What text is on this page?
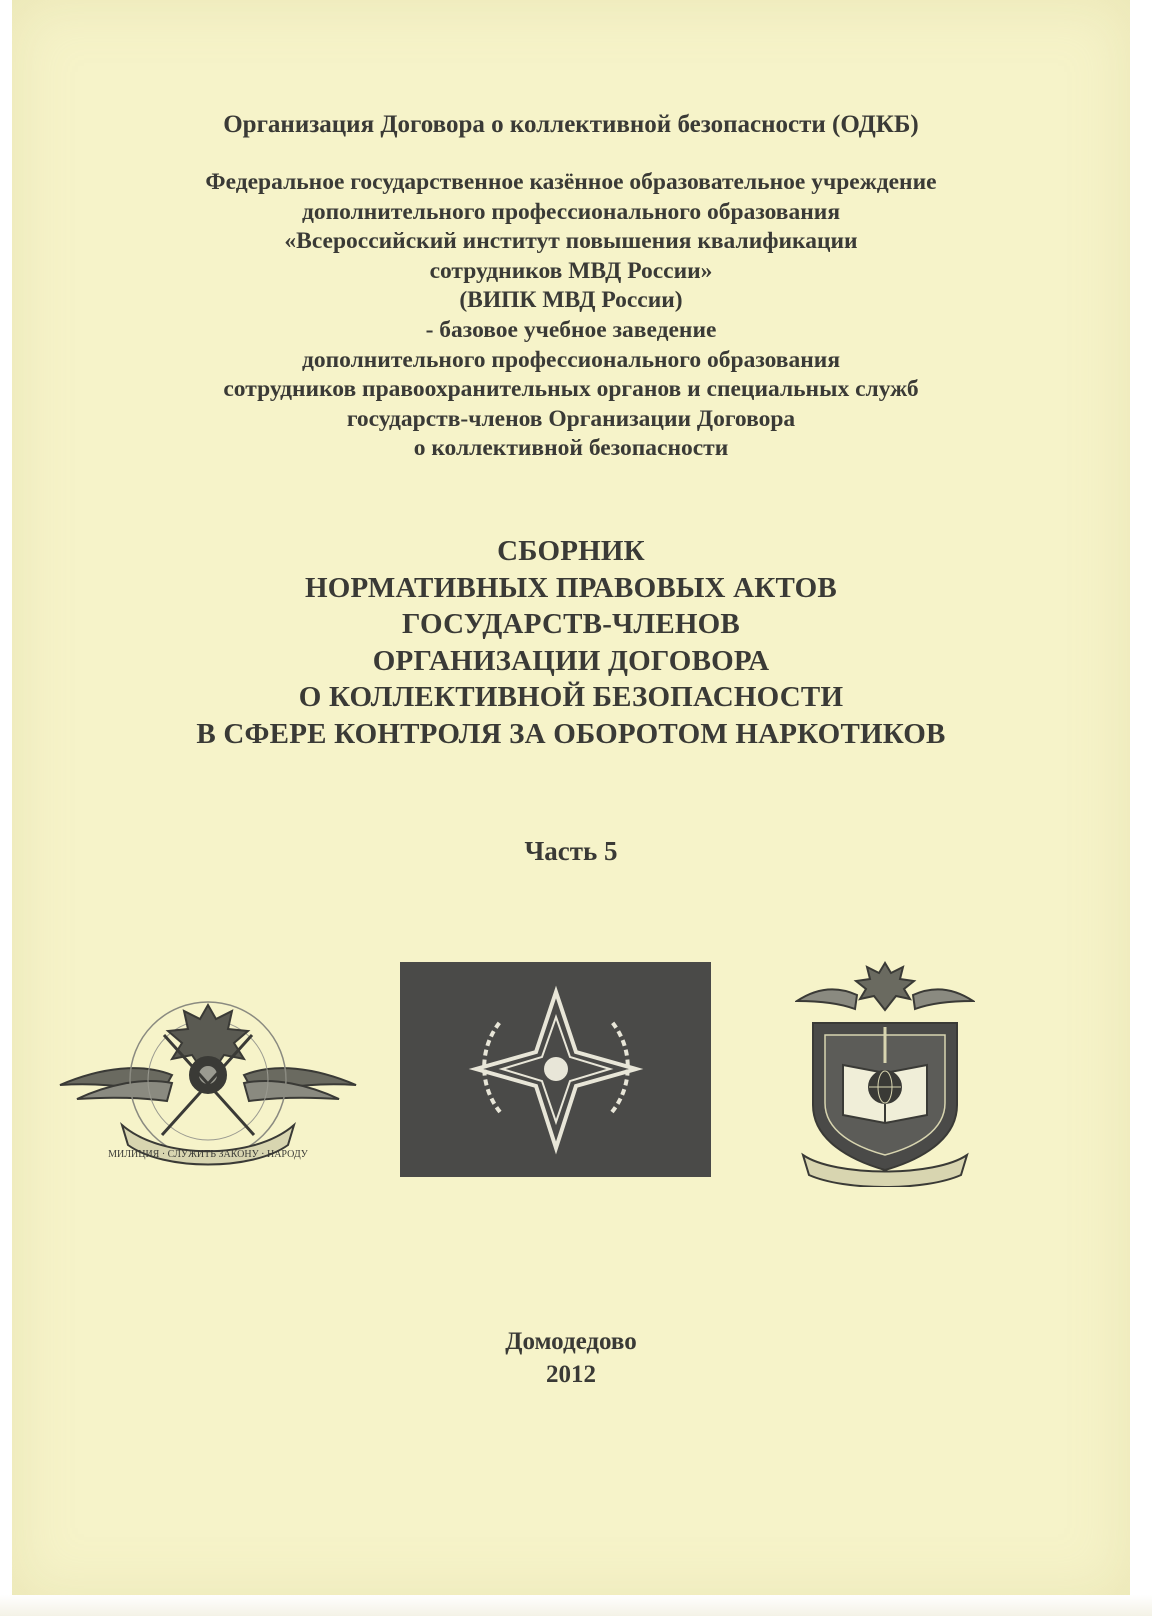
Организация Договора о коллективной безопасности (ОДКБ)
Федеральное государственное казённое образовательное учреждение
дополнительного профессионального образования
«Всероссийский институт повышения квалификации
сотрудников МВД России»
(ВИПК МВД России)
- базовое учебное заведение
дополнительного профессионального образования
сотрудников правоохранительных органов и специальных служб
государств-членов Организации Договора
о коллективной безопасности
СБОРНИК
НОРМАТИВНЫХ ПРАВОВЫХ АКТОВ
ГОСУДАРСТВ-ЧЛЕНОВ
ОРГАНИЗАЦИИ ДОГОВОРА
О КОЛЛЕКТИВНОЙ БЕЗОПАСНОСТИ
В СФЕРЕ КОНТРОЛЯ ЗА ОБОРОТОМ НАРКОТИКОВ
Часть 5
МИЛИЦИЯ · СЛУЖИТЬ ЗАКОНУ · НАРОДУ
Домодедово
2012
